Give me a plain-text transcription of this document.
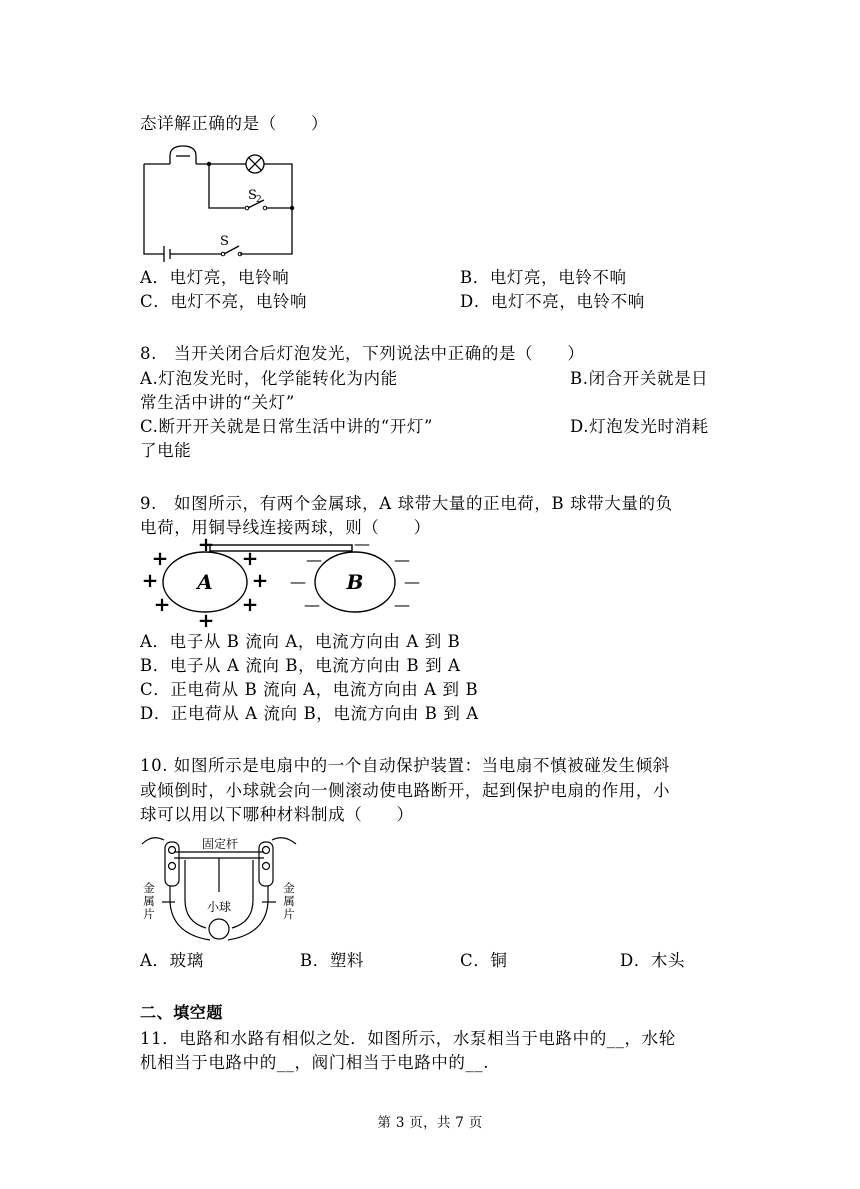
态详解正确的是（　　）
S 2
S
A．电灯亮，电铃响	B．电灯亮，电铃不响
C．电灯不亮，电铃响	D．电灯不亮，电铃不响
8.　当开关闭合后灯泡发光，下列说法中正确的是（　　）
A.灯泡发光时，化学能转化为内能	B.闭合开关就是日
常生活中讲的“关灯”
C.断开开关就是日常生活中讲的“开灯”	D.灯泡发光时消耗
了电能
9.　如图所示，有两个金属球，A 球带大量的正电荷，B 球带大量的负
电荷，用铜导线连接两球，则（　　）
A	B
+
+	+
+	+
+	+
+
—
—
—
—	—
—	—
A．电子从 B 流向 A，电流方向由 A 到 B
B．电子从 A 流向 B，电流方向由 B 到 A
C．正电荷从 B 流向 A，电流方向由 A 到 B
D．正电荷从 A 流向 B，电流方向由 B 到 A
10. 如图所示是电扇中的一个自动保护装置：当电扇不慎被碰发生倾斜
或倾倒时，小球就会向一侧滚动使电路断开，起到保护电扇的作用，小
球可以用以下哪种材料制成（　　）
固定杆
小球
金
属
片
金
属
片
A．玻璃	B．塑料	C．铜	D．木头
二、填空题
11．电路和水路有相似之处．如图所示，水泵相当于电路中的__，水轮
机相当于电路中的__，阀门相当于电路中的__.
第 3 页，共 7 页
